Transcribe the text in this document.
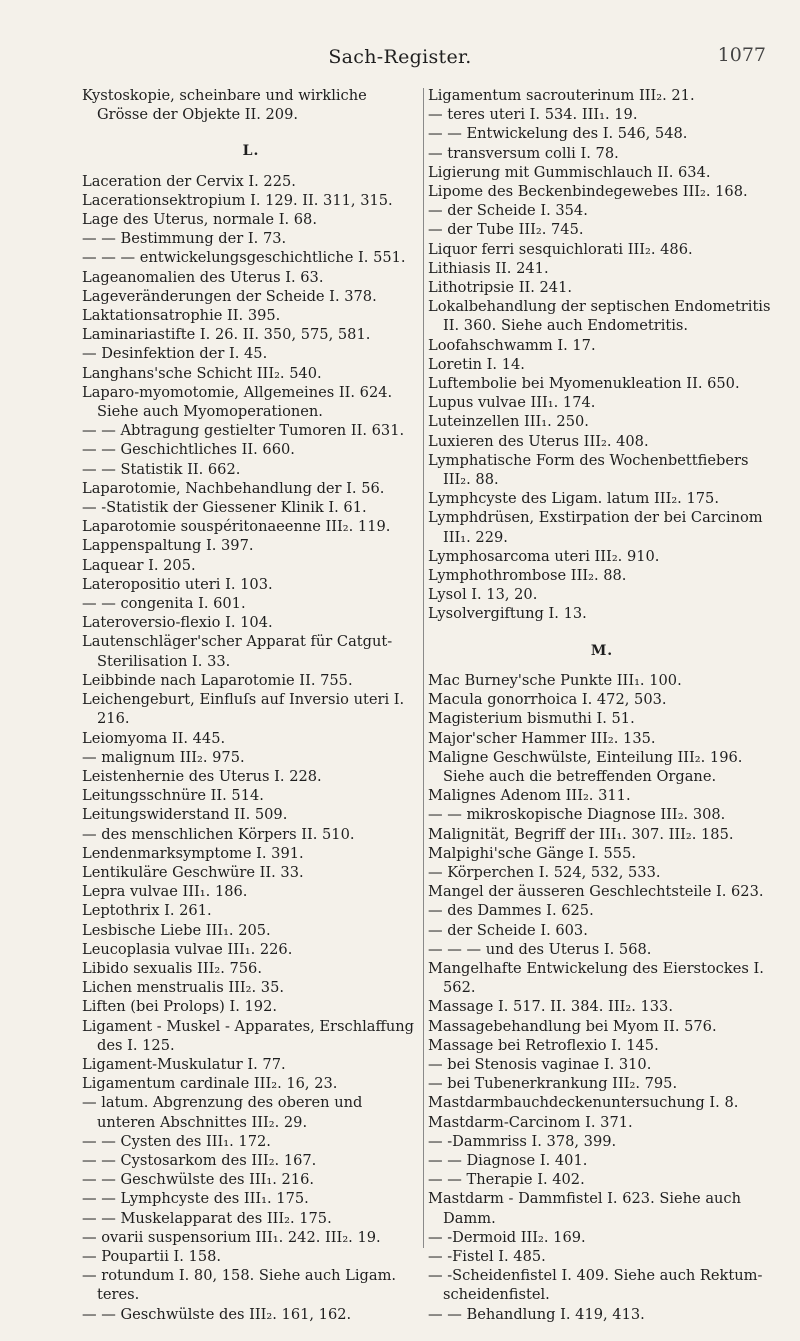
Sach-Register.	1077

Kystoskopie, scheinbare und wirkliche Grösse der Objekte II. 209.

L.

Laceration der Cervix I. 225.

Lacerationsektropium I. 129. II. 311, 315.

Lage des Uterus, normale I. 68.

— — Bestimmung der I. 73.

— — — entwickelungsgeschichtliche I. 551.

Lageanomalien des Uterus I. 63.

Lageveränderungen der Scheide I. 378.

Laktationsatrophie II. 395.

Laminariastifte I. 26. II. 350, 575, 581.

— Desinfektion der I. 45.

Langhans'sche Schicht III₂. 540.

Laparo-myomotomie, Allgemeines II. 624. Siehe auch Myomoperationen.

— — Abtragung gestielter Tumoren II. 631.

— — Geschichtliches II. 660.

— — Statistik II. 662.

Laparotomie, Nachbehandlung der I. 56.

— -Statistik der Giessener Klinik I. 61.

Laparotomie souspéritonaeenne III₂. 119.

Lappenspaltung I. 397.

Laquear I. 205.

Lateropositio uteri I. 103.

— — congenita I. 601.

Lateroversio-flexio I. 104.

Lautenschläger'scher Apparat für Catgut-Sterilisation I. 33.

Leibbinde nach Laparotomie II. 755.

Leichengeburt, Einfluſs auf Inversio uteri I. 216.

Leiomyoma II. 445.

— malignum III₂. 975.

Leistenhernie des Uterus I. 228.

Leitungsschnüre II. 514.

Leitungswiderstand II. 509.

— des menschlichen Körpers II. 510.

Lendenmarksymptome I. 391.

Lentikuläre Geschwüre II. 33.

Lepra vulvae III₁. 186.

Leptothrix I. 261.

Lesbische Liebe III₁. 205.

Leucoplasia vulvae III₁. 226.

Libido sexualis III₂. 756.

Lichen menstrualis III₂. 35.

Liften (bei Prolops) I. 192.

Ligament - Muskel - Apparates, Erschlaffung des I. 125.

Ligament-Muskulatur I. 77.

Ligamentum cardinale III₂. 16, 23.

— latum. Abgrenzung des oberen und unteren Abschnittes III₂. 29.

— — Cysten des III₁. 172.

— — Cystosarkom des III₂. 167.

— — Geschwülste des III₁. 216.

— — Lymphcyste des III₁. 175.

— — Muskelapparat des III₂. 175.

— ovarii suspensorium III₁. 242. III₂. 19.

— Poupartii I. 158.

— rotundum I. 80, 158. Siehe auch Ligam. teres.

— — Geschwülste des III₂. 161, 162.

Ligamentum sacrouterinum III₂. 21.

— teres uteri I. 534. III₁. 19.

— — Entwickelung des I. 546, 548.

— transversum colli I. 78.

Ligierung mit Gummischlauch II. 634.

Lipome des Beckenbindegewebes III₂. 168.

— der Scheide I. 354.

— der Tube III₂. 745.

Liquor ferri sesquichlorati III₂. 486.

Lithiasis II. 241.

Lithotripsie II. 241.

Lokalbehandlung der septischen Endometritis II. 360. Siehe auch Endometritis.

Loofahschwamm I. 17.

Loretin I. 14.

Luftembolie bei Myomenukleation II. 650.

Lupus vulvae III₁. 174.

Luteinzellen III₁. 250.

Luxieren des Uterus III₂. 408.

Lymphatische Form des Wochenbettfiebers III₂. 88.

Lymphcyste des Ligam. latum III₂. 175.

Lymphdrüsen, Exstirpation der bei Carcinom III₁. 229.

Lymphosarcoma uteri III₂. 910.

Lymphothrombose III₂. 88.

Lysol I. 13, 20.

Lysolvergiftung I. 13.

M.

Mac Burney'sche Punkte III₁. 100.

Macula gonorrhoica I. 472, 503.

Magisterium bismuthi I. 51.

Major'scher Hammer III₂. 135.

Maligne Geschwülste, Einteilung III₂. 196. Siehe auch die betreffenden Organe.

Malignes Adenom III₂. 311.

— — mikroskopische Diagnose III₂. 308.

Malignität, Begriff der III₁. 307. III₂. 185.

Malpighi'sche Gänge I. 555.

— Körperchen I. 524, 532, 533.

Mangel der äusseren Geschlechtsteile I. 623.

— des Dammes I. 625.

— der Scheide I. 603.

— — — und des Uterus I. 568.

Mangelhafte Entwickelung des Eierstockes I. 562.

Massage I. 517. II. 384. III₂. 133.

Massagebehandlung bei Myom II. 576.

Massage bei Retroflexio I. 145.

— bei Stenosis vaginae I. 310.

— bei Tubenerkrankung III₂. 795.

Mastdarmbauchdeckenuntersuchung I. 8.

Mastdarm-Carcinom I. 371.

— -Dammriss I. 378, 399.

— — Diagnose I. 401.

— — Therapie I. 402.

Mastdarm - Dammfistel I. 623. Siehe auch Damm.

— -Dermoid III₂. 169.

— -Fistel I. 485.

— -Scheidenfistel I. 409. Siehe auch Rektum-scheidenfistel.

— — Behandlung I. 419, 413.
